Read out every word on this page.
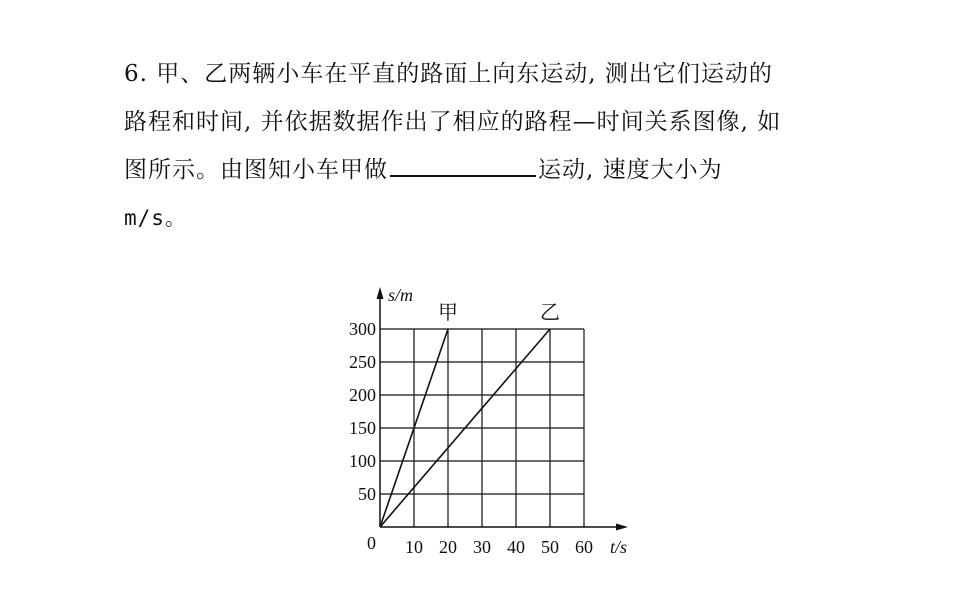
6. 甲、乙两辆小车在平直的路面上向东运动, 测出它们运动的
路程和时间, 并依据数据作出了相应的路程—时间关系图像, 如
图所示。由图知小车甲做	运动, 速度大小为
m/s。
甲	乙
50
100
150
200
250
300
10 20 30 40 50 60
0
s/m
t/s
